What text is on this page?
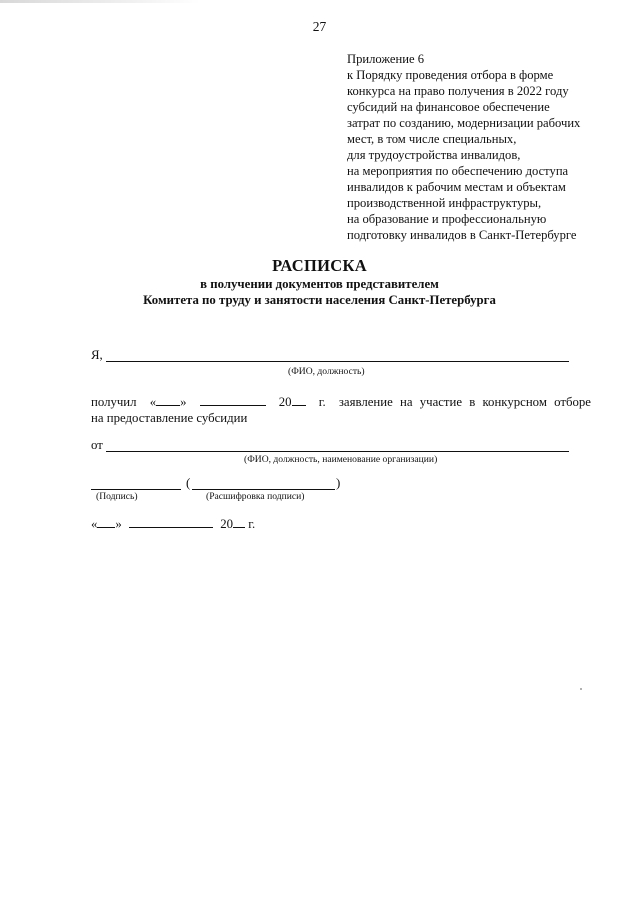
27
Приложение 6
к Порядку проведения отбора в форме
конкурса на право получения в 2022 году
субсидий на финансовое обеспечение
затрат по созданию, модернизации рабочих
мест, в том числе специальных,
для трудоустройства инвалидов,
на мероприятия по обеспечению доступа
инвалидов к рабочим местам и объектам
производственной инфраструктуры,
на образование и профессиональную
подготовку инвалидов в Санкт-Петербурге
РАСПИСКА
в получении документов представителем
Комитета по труду и занятости населения Санкт-Петербурга
Я,
(ФИО, должность)
получил « »	20	г. заявление на участие в конкурсном отборе
на предоставление субсидии
от
(ФИО, должность, наименование организации)
(	)
(Подпись)	(Расшифровка подписи)
« »	20 г.
